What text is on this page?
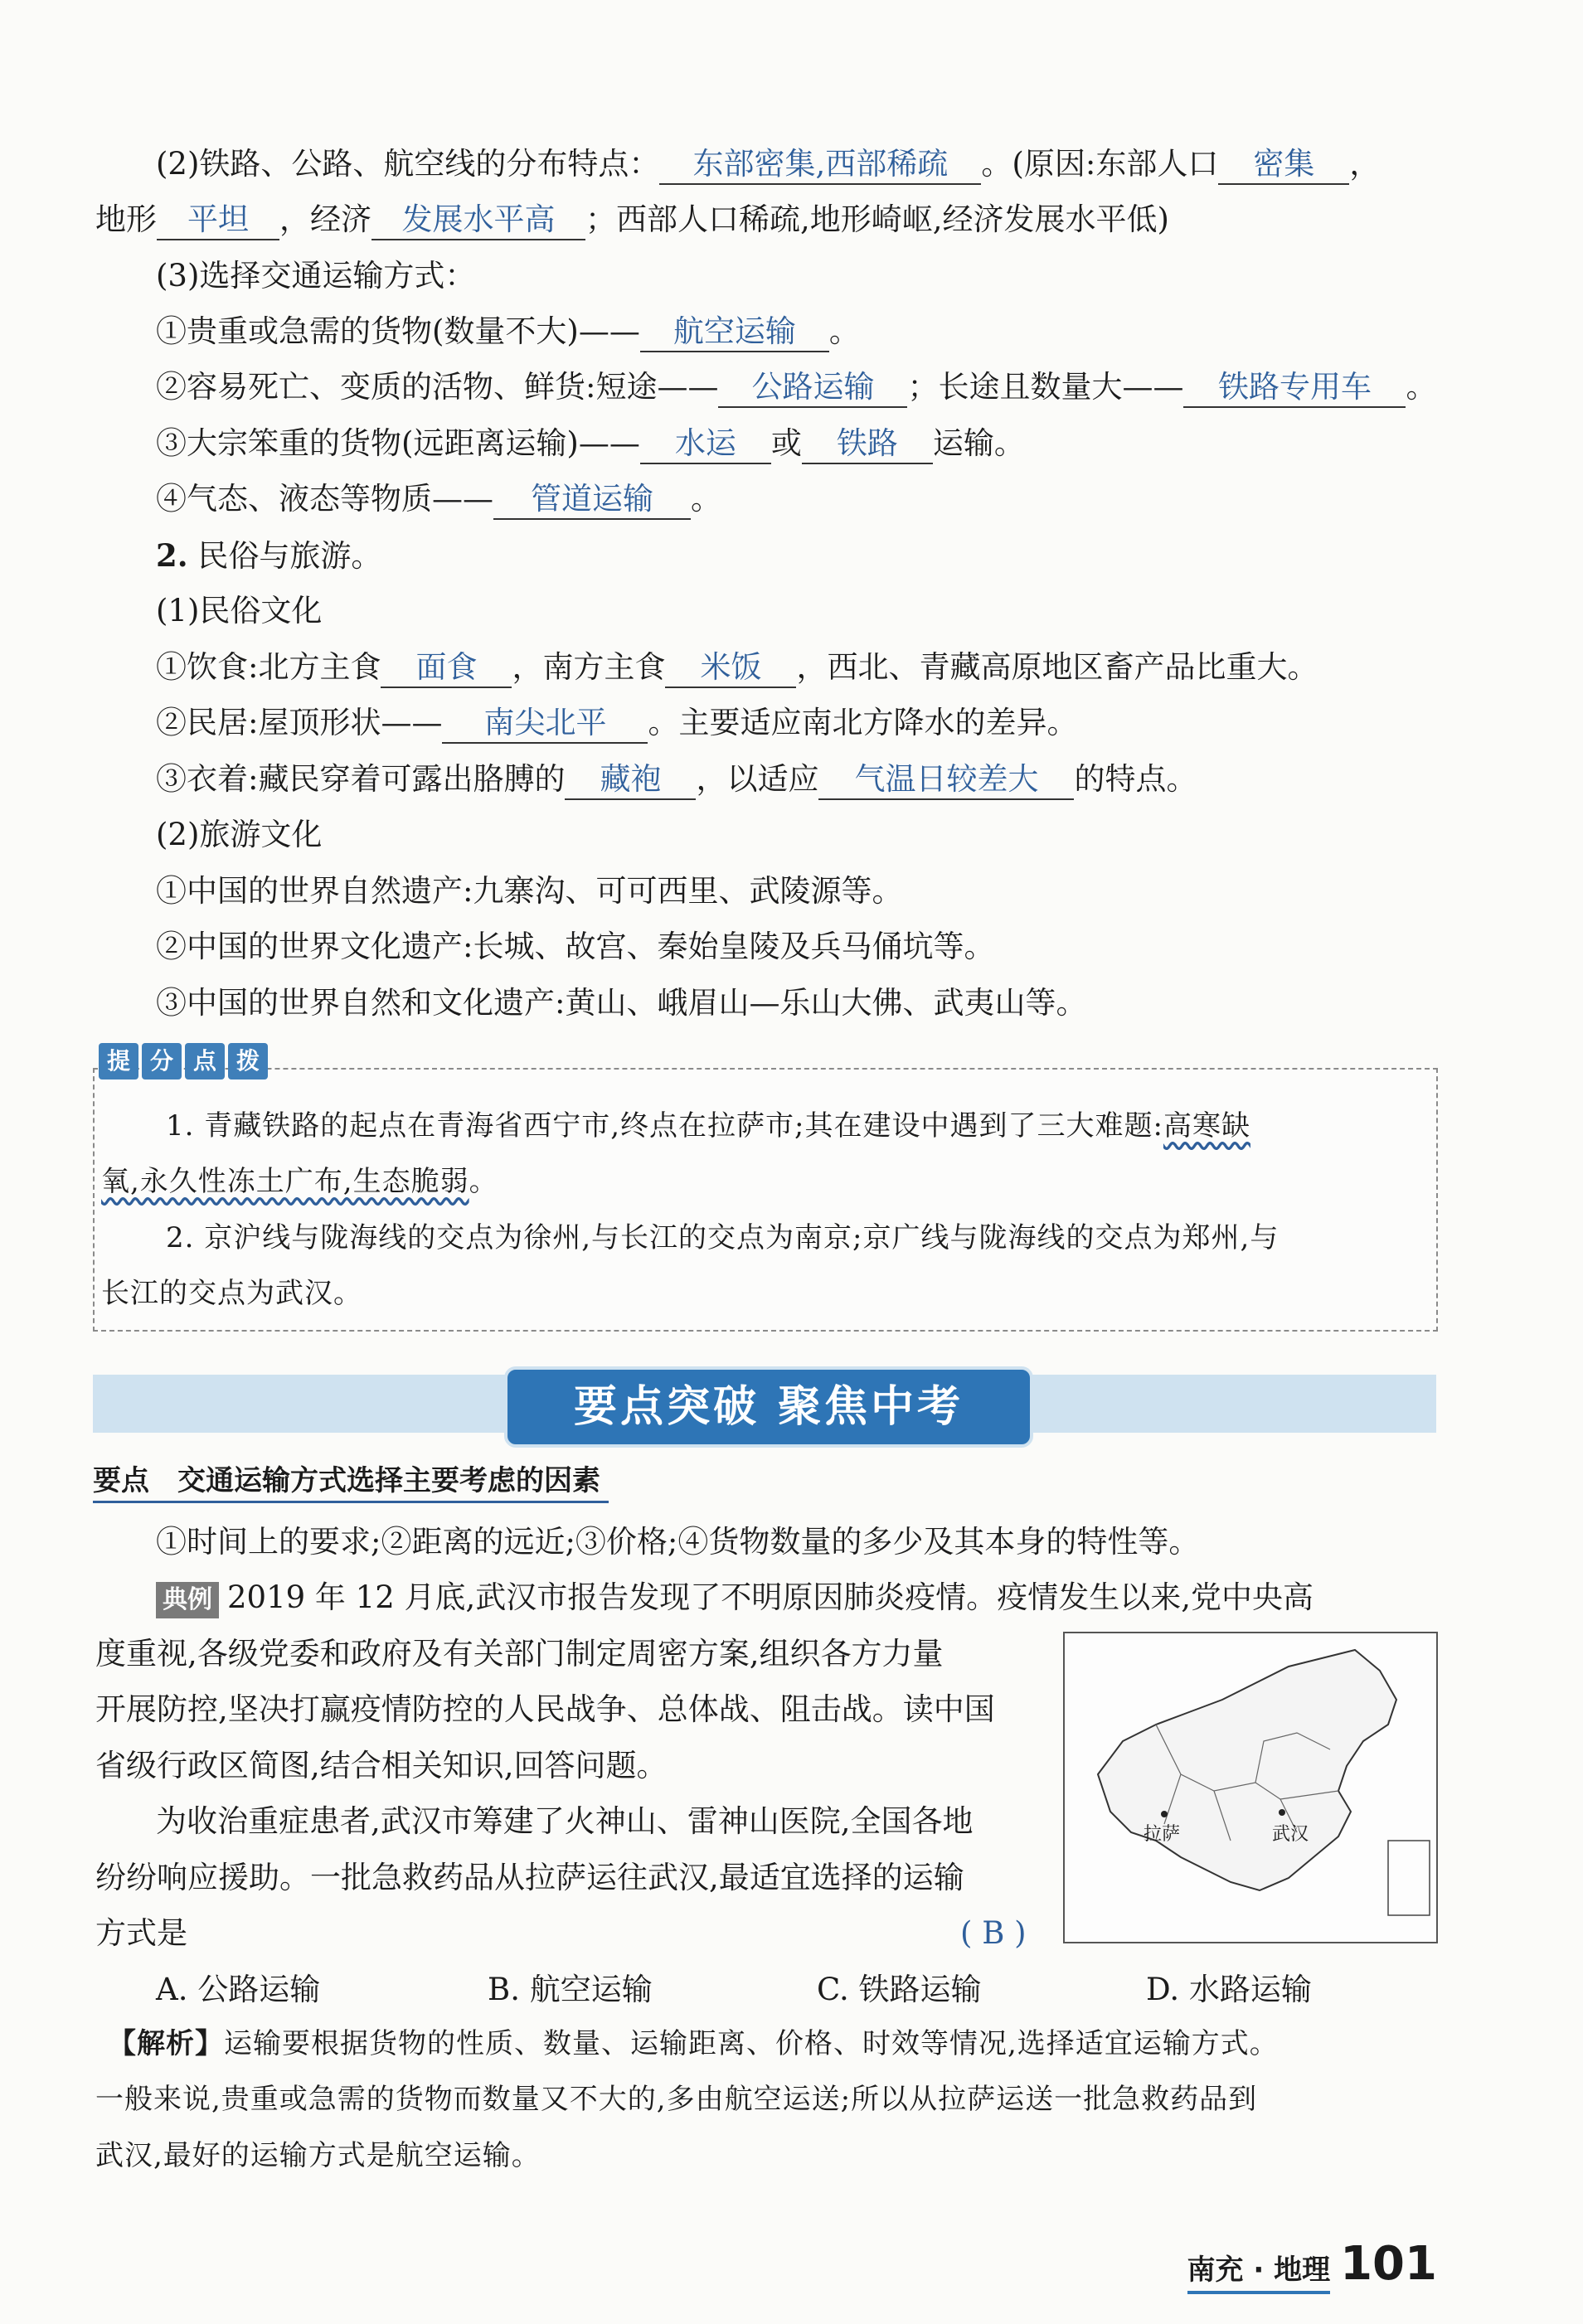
(2)铁路、公路、航空线的分布特点： 东部密集,西部稀疏 。(原因:东部人口 密集 ，
地形 平坦 ，经济 发展水平高 ；西部人口稀疏,地形崎岖,经济发展水平低)
(3)选择交通运输方式：
①贵重或急需的货物(数量不大)—— 航空运输 。
②容易死亡、变质的活物、鲜货:短途—— 公路运输 ；长途且数量大—— 铁路专用车 。
③大宗笨重的货物(远距离运输)—— 水运 或 铁路 运输。
④气态、液态等物质—— 管道运输 。
2. 民俗与旅游。
(1)民俗文化
①饮食:北方主食 面食 ，南方主食 米饭 ，西北、青藏高原地区畜产品比重大。
②民居:屋顶形状—— 南尖北平 。主要适应南北方降水的差异。
③衣着:藏民穿着可露出胳膊的 藏袍 ，以适应 气温日较差大 的特点。
(2)旅游文化
①中国的世界自然遗产:九寨沟、可可西里、武陵源等。
②中国的世界文化遗产:长城、故宫、秦始皇陵及兵马俑坑等。
③中国的世界自然和文化遗产:黄山、峨眉山—乐山大佛、武夷山等。
提 分 点 拨
1. 青藏铁路的起点在青海省西宁市,终点在拉萨市;其在建设中遇到了三大难题:高寒缺
氧,永久性冻土广布,生态脆弱。
2. 京沪线与陇海线的交点为徐州,与长江的交点为南京;京广线与陇海线的交点为郑州,与
长江的交点为武汉。
要点突破 聚焦中考
要点　交通运输方式选择主要考虑的因素
①时间上的要求;②距离的远近;③价格;④货物数量的多少及其本身的特性等。
典例 2019 年 12 月底,武汉市报告发现了不明原因肺炎疫情。疫情发生以来,党中央高
度重视,各级党委和政府及有关部门制定周密方案,组织各方力量
开展防控,坚决打赢疫情防控的人民战争、总体战、阻击战。读中国
省级行政区简图,结合相关知识,回答问题。
为收治重症患者,武汉市筹建了火神山、雷神山医院,全国各地
纷纷响应援助。一批急救药品从拉萨运往武汉,最适宜选择的运输
方式是	( B )
拉萨	武汉
A. 公路运输	B. 航空运输	C. 铁路运输	D. 水路运输
【解析】运输要根据货物的性质、数量、运输距离、价格、时效等情况,选择适宜运输方式。
一般来说,贵重或急需的货物而数量又不大的,多由航空运送;所以从拉萨运送一批急救药品到
武汉,最好的运输方式是航空运输。
南充 · 地理 101
